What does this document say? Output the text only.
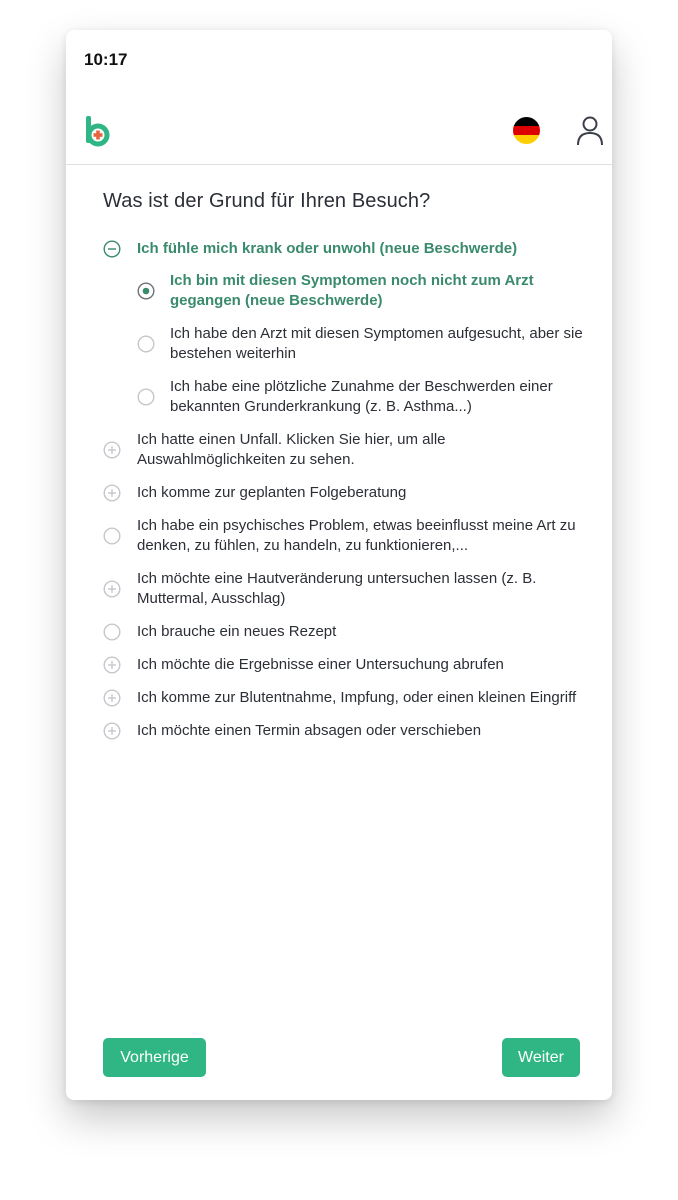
10:17
Was ist der Grund für Ihren Besuch?
Ich fühle mich krank oder unwohl (neue Beschwerde)
Ich bin mit diesen Symptomen noch nicht zum Arzt gegangen (neue Beschwerde)
Ich habe den Arzt mit diesen Symptomen aufgesucht, aber sie bestehen weiterhin
Ich habe eine plötzliche Zunahme der Beschwerden einer bekannten Grunderkrankung (z. B. Asthma...)
Ich hatte einen Unfall. Klicken Sie hier, um alle Auswahlmöglichkeiten zu sehen.
Ich komme zur geplanten Folgeberatung
Ich habe ein psychisches Problem, etwas beeinflusst meine Art zu denken, zu fühlen, zu handeln, zu funktionieren,...
Ich möchte eine Hautveränderung untersuchen lassen (z. B. Muttermal, Ausschlag)
Ich brauche ein neues Rezept
Ich möchte die Ergebnisse einer Untersuchung abrufen
Ich komme zur Blutentnahme, Impfung, oder einen kleinen Eingriff
Ich möchte einen Termin absagen oder verschieben
Vorherige	Weiter
